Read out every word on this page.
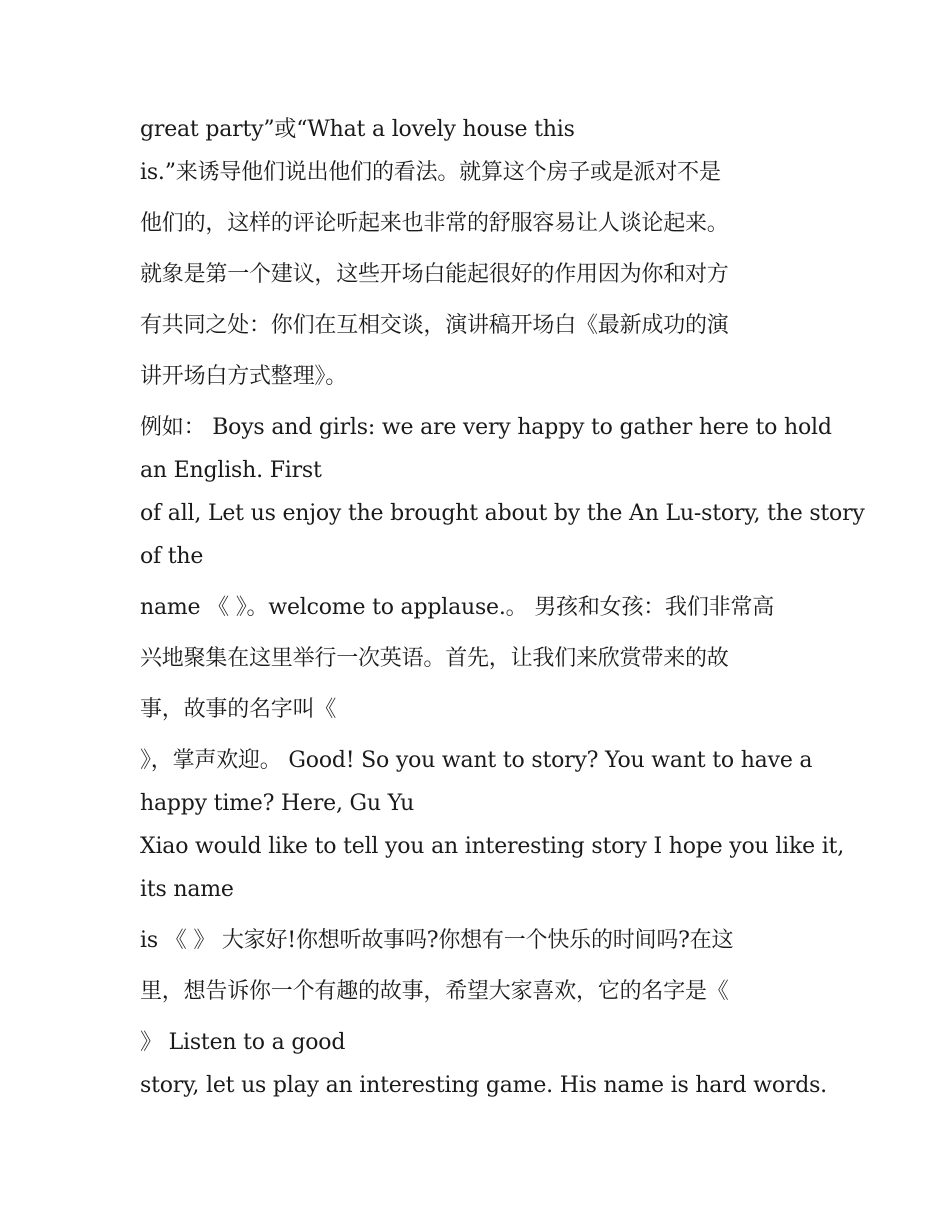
great party”或“What a lovely house this
is.”来诱导他们说出他们的看法。就算这个房子或是派对不是
他们的，这样的评论听起来也非常的舒服容易让人谈论起来。
就象是第一个建议，这些开场白能起很好的作用因为你和对方
有共同之处：你们在互相交谈，演讲稿开场白《最新成功的演
讲开场白方式整理》。
例如： Boys and girls: we are very happy to gather here to hold
an English. First
of all, Let us enjoy the brought about by the An Lu-story, the story
of the
name 《 》。welcome to applause.。 男孩和女孩：我们非常高
兴地聚集在这里举行一次英语。首先，让我们来欣赏带来的故
事，故事的名字叫《
》，掌声欢迎。 Good! So you want to story? You want to have a
happy time? Here, Gu Yu
Xiao would like to tell you an interesting story I hope you like it,
its name
is 《 》 大家好!你想听故事吗?你想有一个快乐的时间吗?在这
里，想告诉你一个有趣的故事，希望大家喜欢，它的名字是《
》 Listen to a good
story, let us play an interesting game. His name is hard words.
